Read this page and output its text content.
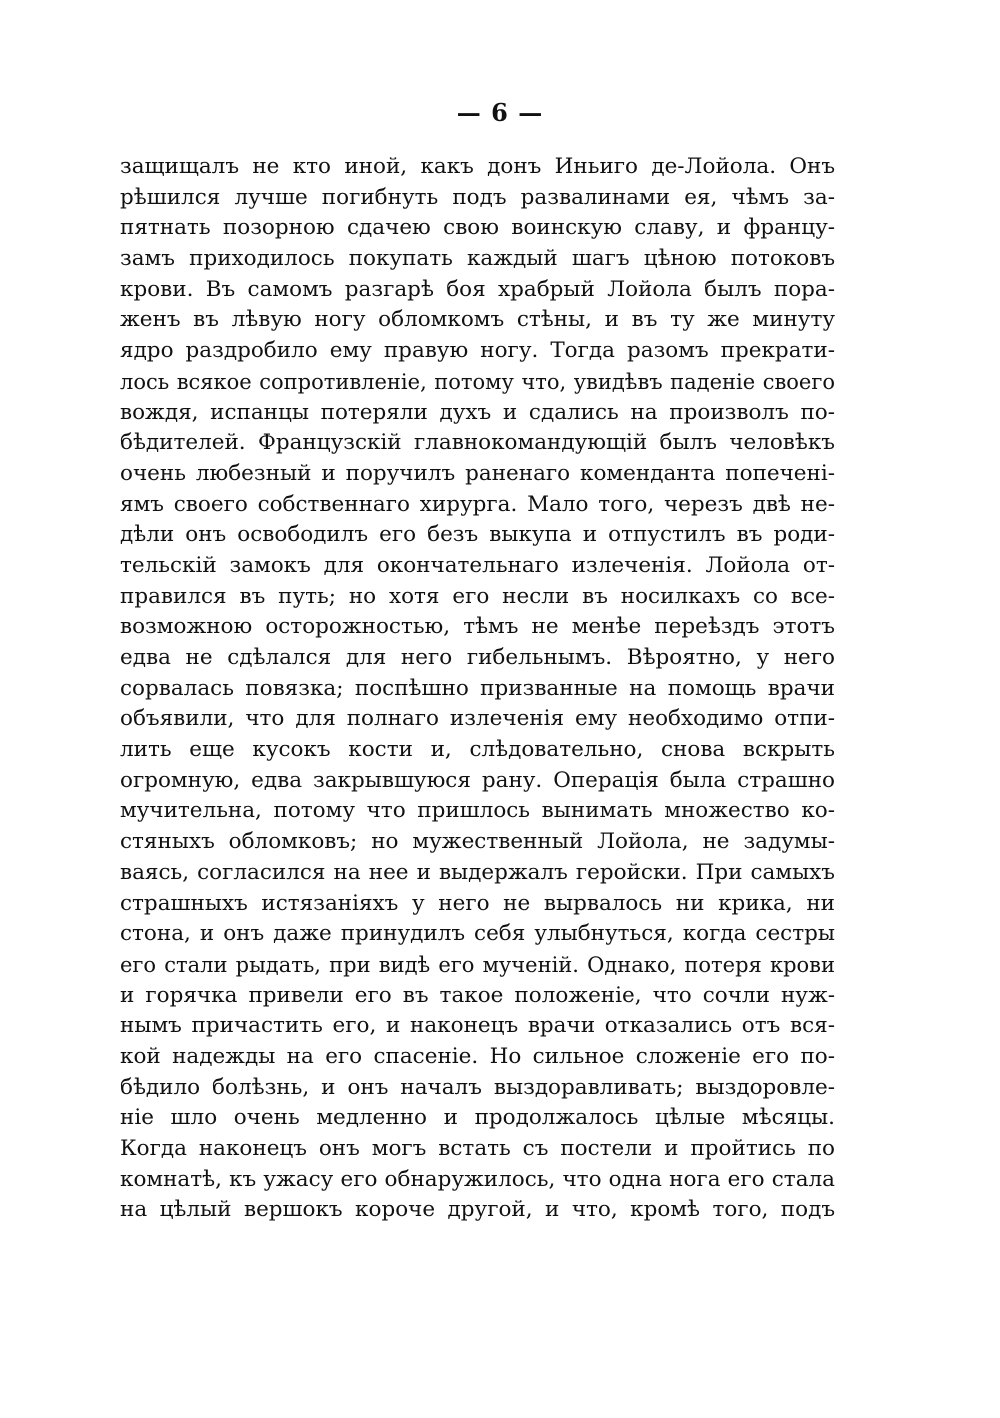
— 6 —
защищалъ не кто иной, какъ донъ Иньиго де-Лойола. Онъ
рѣшился лучше погибнуть подъ развалинами ея, чѣмъ за-
пятнать позорною сдачею свою воинскую славу, и францу-
замъ приходилось покупать каждый шагъ цѣною потоковъ
крови. Въ самомъ разгарѣ боя храбрый Лойола былъ пора-
женъ въ лѣвую ногу обломкомъ стѣны, и въ ту же минуту
ядро раздробило ему правую ногу. Тогда разомъ прекрати-
лось всякое сопротивленіе, потому что, увидѣвъ паденіе своего
вождя, испанцы потеряли духъ и сдались на произволъ по-
бѣдителей. Французскій главнокомандующій былъ человѣкъ
очень любезный и поручилъ раненаго коменданта попеченi-
ямъ своего собственнаго хирурга. Мало того, черезъ двѣ не-
дѣли онъ освободилъ его безъ выкупа и отпустилъ въ роди-
тельскій замокъ для окончательнаго излеченія. Лойола от-
правился въ путь; но хотя его несли въ носилкахъ со все-
возможною осторожностью, тѣмъ не менѣе переѣздъ этотъ
едва не сдѣлался для него гибельнымъ. Вѣроятно, у него
сорвалась повязка; поспѣшно призванные на помощь врачи
объявили, что для полнаго излеченія ему необходимо отпи-
лить еще кусокъ кости и, слѣдовательно, снова вскрыть
огромную, едва закрывшуюся рану. Операція была страшно
мучительна, потому что пришлось вынимать множество ко-
стяныхъ обломковъ; но мужественный Лойола, не задумы-
ваясь, согласился на нее и выдержалъ геройски. При самыхъ
страшныхъ истязаніяхъ у него не вырвалось ни крика, ни
стона, и онъ даже принудилъ себя улыбнуться, когда сестры
его стали рыдать, при видѣ его мученій. Однако, потеря крови
и горячка привели его въ такое положеніе, что сочли нуж-
нымъ причастить его, и наконецъ врачи отказались отъ вся-
кой надежды на его спасеніе. Но сильное сложеніе его по-
бѣдило болѣзнь, и онъ началъ выздоравливать; выздоровле-
ніе шло очень медленно и продолжалось цѣлые мѣсяцы.
Когда наконецъ онъ могъ встать съ постели и пройтись по
комнатѣ, къ ужасу его обнаружилось, что одна нога его стала
на цѣлый вершокъ короче другой, и что, кромѣ того, подъ
